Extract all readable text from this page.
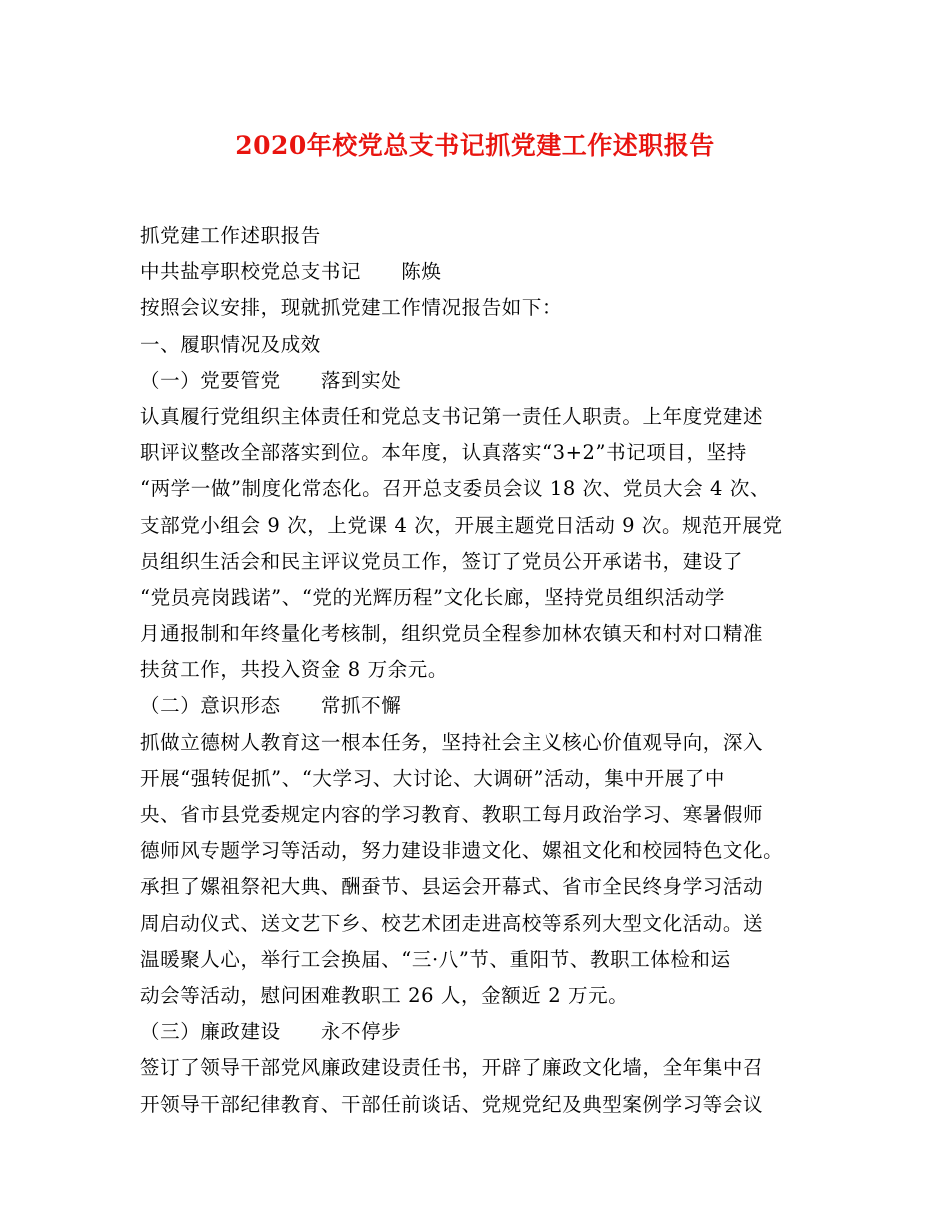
2020年校党总支书记抓党建工作述职报告
抓党建工作述职报告
中共盐亭职校党总支书记　　陈焕
按照会议安排，现就抓党建工作情况报告如下：
一、履职情况及成效
（一）党要管党　　落到实处
认真履行党组织主体责任和党总支书记第一责任人职责。上年度党建述
职评议整改全部落实到位。本年度，认真落实“3+2”书记项目，坚持
“两学一做”制度化常态化。召开总支委员会议 18 次、党员大会 4 次、
支部党小组会 9 次，上党课 4 次，开展主题党日活动 9 次。规范开展党
员组织生活会和民主评议党员工作，签订了党员公开承诺书，建设了
“党员亮岗践诺”、“党的光辉历程”文化长廊，坚持党员组织活动学
月通报制和年终量化考核制，组织党员全程参加林农镇天和村对口精准
扶贫工作，共投入资金 8 万余元。
（二）意识形态　　常抓不懈
抓做立德树人教育这一根本任务，坚持社会主义核心价值观导向，深入
开展“强转促抓”、“大学习、大讨论、大调研”活动，集中开展了中
央、省市县党委规定内容的学习教育、教职工每月政治学习、寒暑假师
德师风专题学习等活动，努力建设非遗文化、嫘祖文化和校园特色文化。
承担了嫘祖祭祀大典、酬蚕节、县运会开幕式、省市全民终身学习活动
周启动仪式、送文艺下乡、校艺术团走进高校等系列大型文化活动。送
温暖聚人心，举行工会换届、“三·八”节、重阳节、教职工体检和运
动会等活动，慰问困难教职工 26 人，金额近 2 万元。
（三）廉政建设　　永不停步
签订了领导干部党风廉政建设责任书，开辟了廉政文化墙，全年集中召
开领导干部纪律教育、干部任前谈话、党规党纪及典型案例学习等会议
